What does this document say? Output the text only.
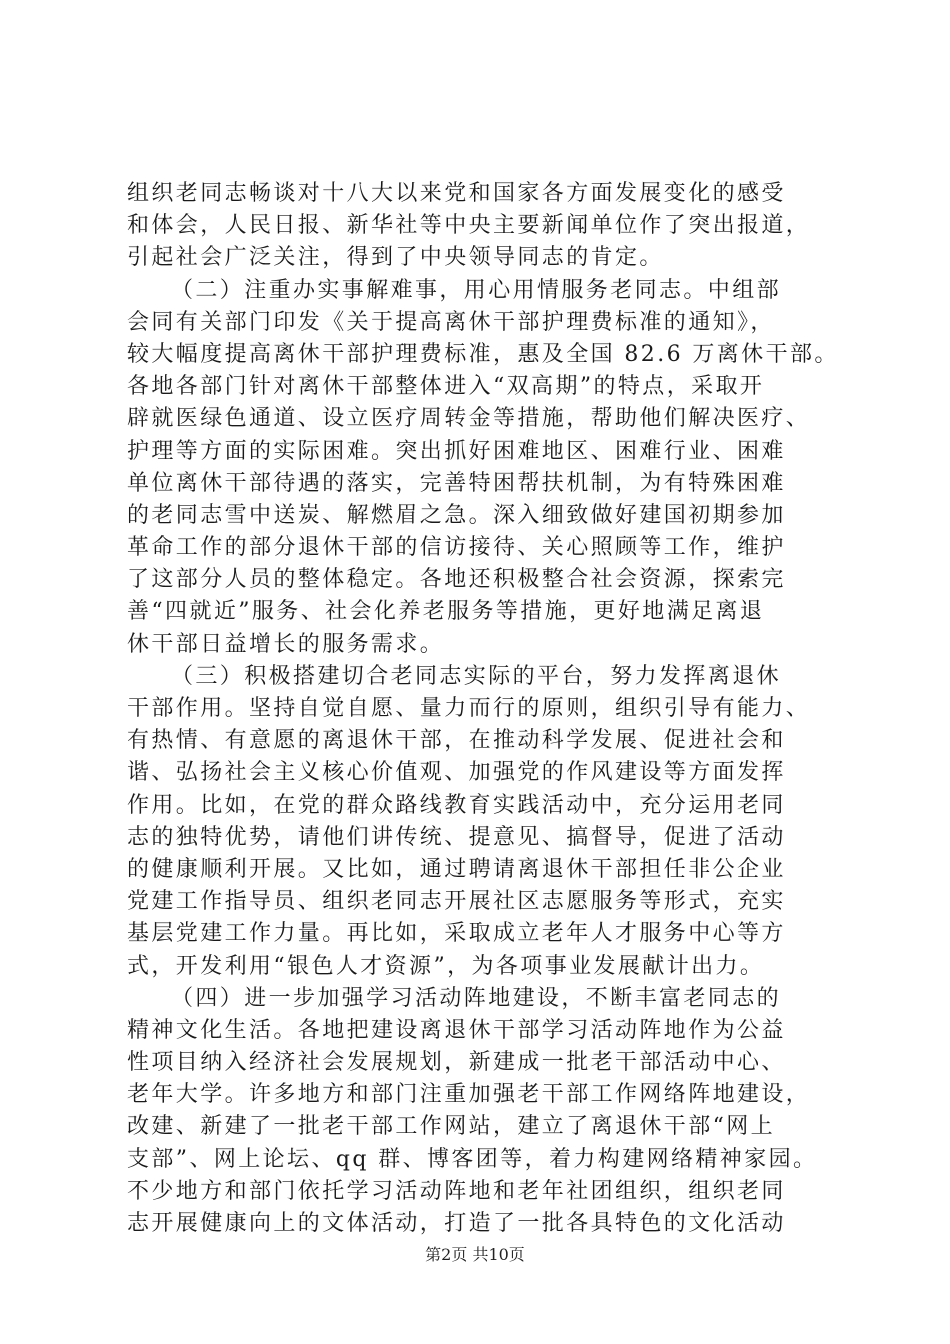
组织老同志畅谈对十八大以来党和国家各方面发展变化的感受
和体会，人民日报、新华社等中央主要新闻单位作了突出报道，
引起社会广泛关注，得到了中央领导同志的肯定。
（二）注重办实事解难事，用心用情服务老同志。中组部
会同有关部门印发《关于提高离休干部护理费标准的通知》，
较大幅度提高离休干部护理费标准，惠及全国 82.6 万离休干部。
各地各部门针对离休干部整体进入“双高期”的特点，采取开
辟就医绿色通道、设立医疗周转金等措施，帮助他们解决医疗、
护理等方面的实际困难。突出抓好困难地区、困难行业、困难
单位离休干部待遇的落实，完善特困帮扶机制，为有特殊困难
的老同志雪中送炭、解燃眉之急。深入细致做好建国初期参加
革命工作的部分退休干部的信访接待、关心照顾等工作，维护
了这部分人员的整体稳定。各地还积极整合社会资源，探索完
善“四就近”服务、社会化养老服务等措施，更好地满足离退
休干部日益增长的服务需求。
（三）积极搭建切合老同志实际的平台，努力发挥离退休
干部作用。坚持自觉自愿、量力而行的原则，组织引导有能力、
有热情、有意愿的离退休干部，在推动科学发展、促进社会和
谐、弘扬社会主义核心价值观、加强党的作风建设等方面发挥
作用。比如，在党的群众路线教育实践活动中，充分运用老同
志的独特优势，请他们讲传统、提意见、搞督导，促进了活动
的健康顺利开展。又比如，通过聘请离退休干部担任非公企业
党建工作指导员、组织老同志开展社区志愿服务等形式，充实
基层党建工作力量。再比如，采取成立老年人才服务中心等方
式，开发利用“银色人才资源”，为各项事业发展献计出力。
（四）进一步加强学习活动阵地建设，不断丰富老同志的
精神文化生活。各地把建设离退休干部学习活动阵地作为公益
性项目纳入经济社会发展规划，新建成一批老干部活动中心、
老年大学。许多地方和部门注重加强老干部工作网络阵地建设，
改建、新建了一批老干部工作网站，建立了离退休干部“网上
支部”、网上论坛、qq 群、博客团等，着力构建网络精神家园。
不少地方和部门依托学习活动阵地和老年社团组织，组织老同
志开展健康向上的文体活动，打造了一批各具特色的文化活动
第2页 共10页
